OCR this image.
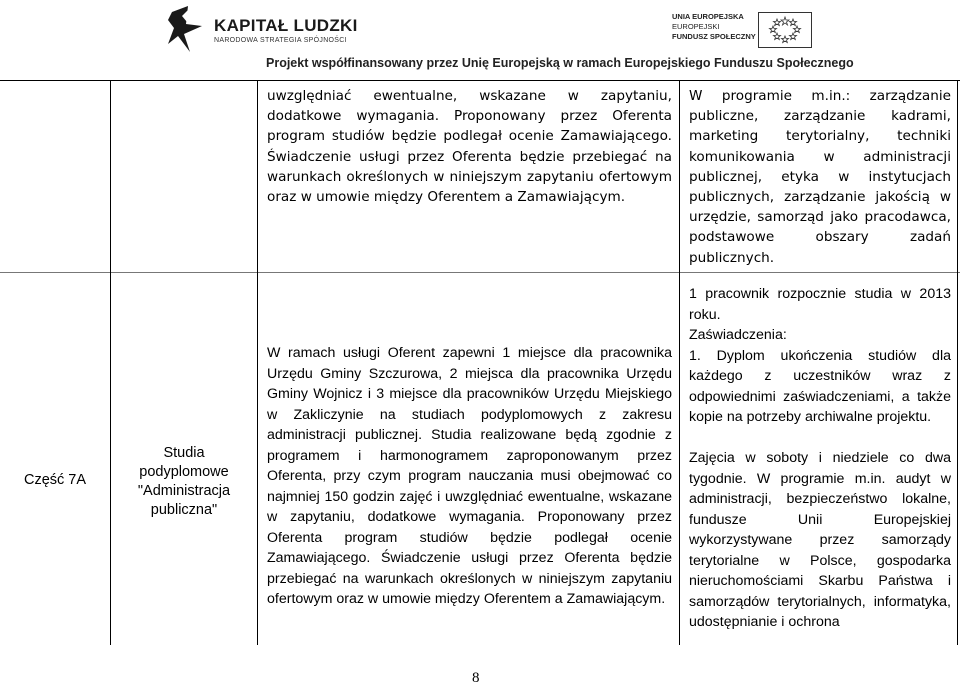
KAPITAŁ LUDZKI
NARODOWA STRATEGIA SPÓJNOŚCI
UNIA EUROPEJSKA
EUROPEJSKI
FUNDUSZ SPOŁECZNY
Projekt współfinansowany przez Unię Europejską w ramach Europejskiego Funduszu Społecznego
uwzględniać ewentualne, wskazane w zapytaniu, dodatkowe wymagania. Proponowany przez Oferenta program studiów będzie podlegał ocenie Zamawiającego. Świadczenie usługi przez Oferenta będzie przebiegać na warunkach określonych w niniejszym zapytaniu ofertowym oraz w umowie między Oferentem a Zamawiającym.
W programie m.in.: zarządzanie publiczne, zarządzanie kadrami, marketing terytorialny, techniki komunikowania w administracji publicznej, etyka w instytucjach publicznych, zarządzanie jakością w urzędzie, samorząd jako pracodawca, podstawowe obszary zadań publicznych.
Część 7A
Studia podyplomowe "Administracja publiczna"
W ramach usługi Oferent zapewni 1 miejsce dla pracownika Urzędu Gminy Szczurowa, 2 miejsca dla pracownika Urzędu Gminy Wojnicz i 3 miejsce dla pracowników Urzędu Miejskiego w Zakliczynie na studiach podyplomowych z zakresu administracji publicznej. Studia realizowane będą zgodnie z programem i harmonogramem zaproponowanym przez Oferenta, przy czym program nauczania musi obejmować co najmniej 150 godzin zajęć i uwzględniać ewentualne, wskazane w zapytaniu, dodatkowe wymagania. Proponowany przez Oferenta program studiów będzie podlegał ocenie Zamawiającego. Świadczenie usługi przez Oferenta będzie przebiegać na warunkach określonych w niniejszym zapytaniu ofertowym oraz w umowie między Oferentem a Zamawiającym.
1 pracownik rozpocznie studia w 2013 roku.
Zaświadczenia:
1. Dyplom ukończenia studiów dla każdego z uczestników wraz z odpowiednimi zaświadczeniami, a także kopie na potrzeby archiwalne projektu.
Zajęcia w soboty i niedziele co dwa tygodnie. W programie m.in. audyt w administracji, bezpieczeństwo lokalne, fundusze Unii Europejskiej wykorzystywane przez samorządy terytorialne w Polsce, gospodarka nieruchomościami Skarbu Państwa i samorządów terytorialnych, informatyka, udostępnianie i ochrona
8
